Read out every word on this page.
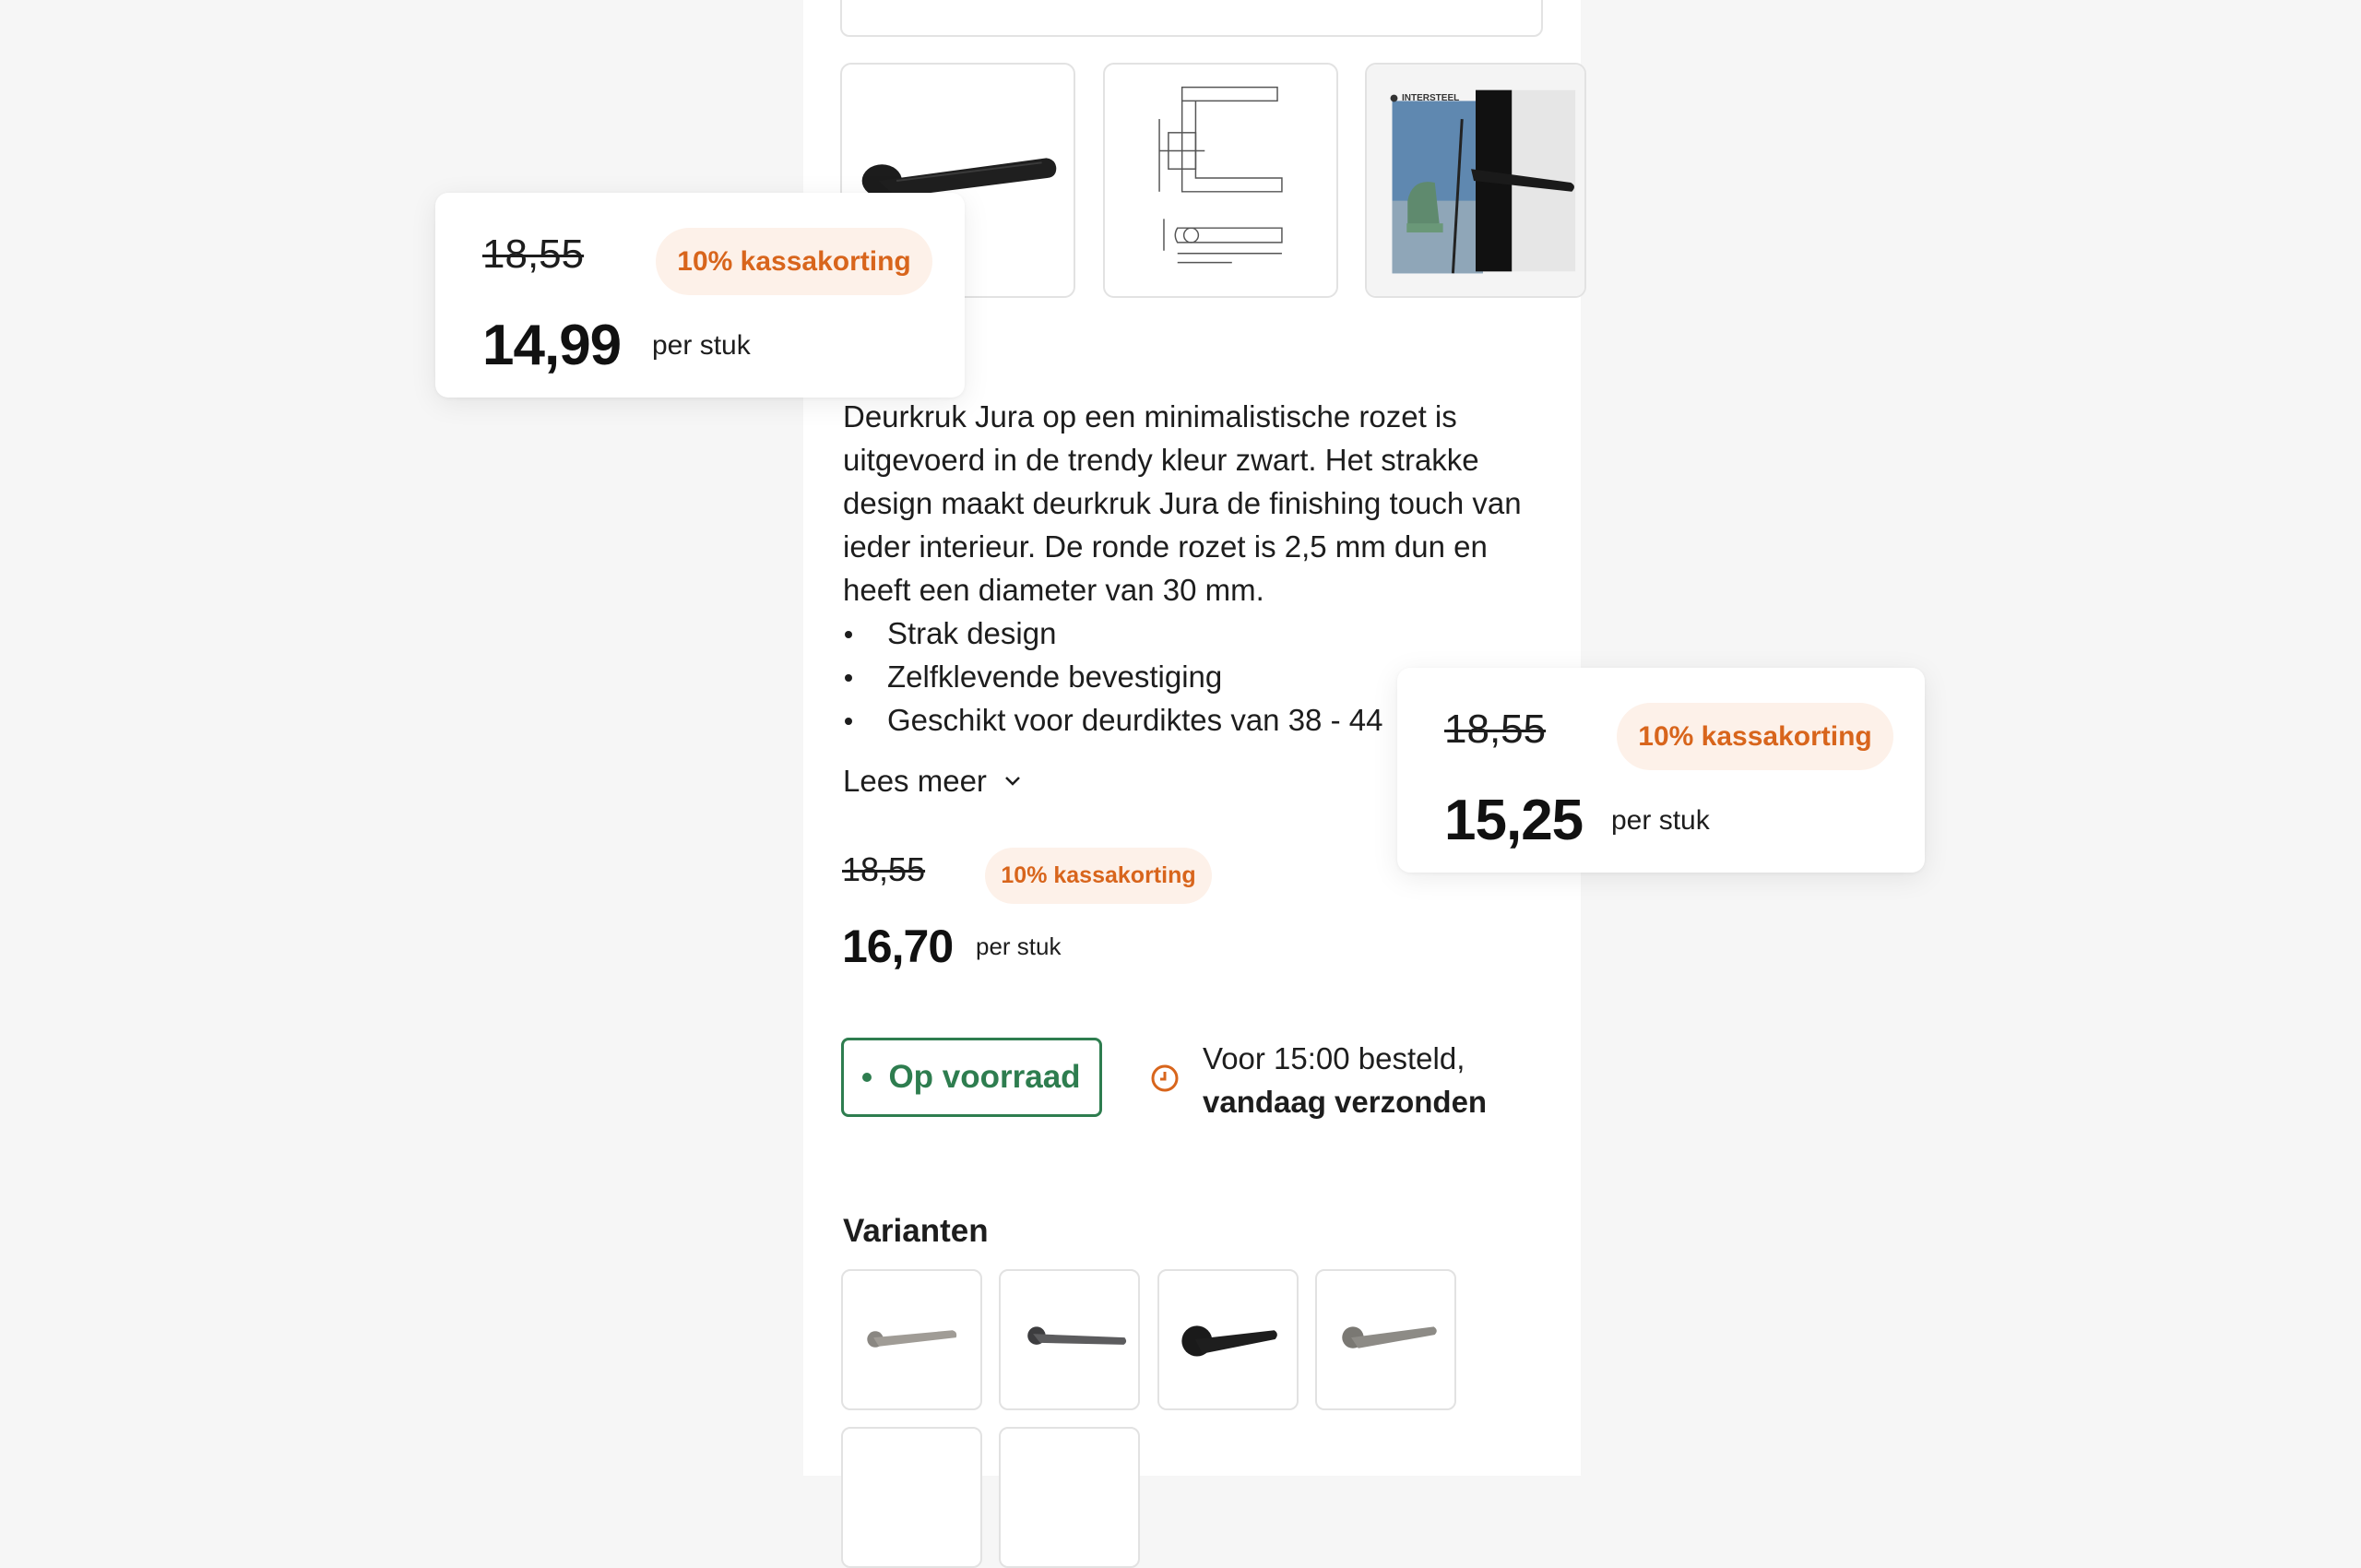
INTERSTEEL

Deurkruk Jura op een minimalistische rozet is uitgevoerd in de trendy kleur zwart. Het strakke design maakt deurkruk Jura de finishing touch van ieder interieur. De ronde rozet is 2,5 mm dun en heeft een diameter van 30 mm.

Strak design
Zelfklevende bevestiging
Geschikt voor deurdiktes van 38 - 44
Lees meer
18,55	10% kassakorting
16,70 per stuk
Op voorraad
Voor 15:00 besteld,
vandaag verzonden
Varianten
18,55	10% kassakorting
14,99 per stuk
18,55	10% kassakorting
15,25 per stuk
